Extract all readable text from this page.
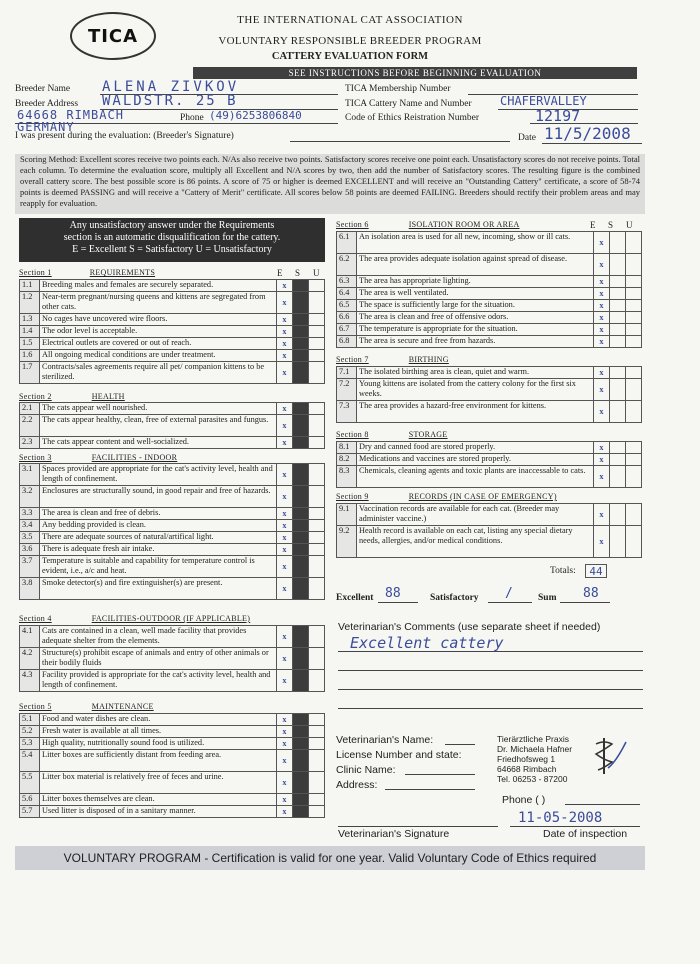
TICA
THE INTERNATIONAL CAT ASSOCIATION
VOLUNTARY RESPONSIBLE BREEDER PROGRAM
CATTERY EVALUATION FORM
SEE INSTRUCTIONS BEFORE BEGINNING EVALUATION
Breeder Name ALENA ZIVKOV
Breeder Address WALDSTR. 25 B
64668 RIMBACH	Phone (49)6253806840
GERMANY
TICA Membership Number
TICA Cattery Name and Number CHAFERVALLEY
Code of Ethics Reistration Number	12197
I was present during the evaluation: (Breeder's Signature)	Date 11/5/2008
Scoring Method: Excellent scores receive two points each. N/As also receive two points. Satisfactory scores receive one point each. Unsatisfactory scores do not receive points. Total each column. To determine the evaluation score, multiply all Excellent and N/A scores by two, then add the number of Satisfactory scores. The resulting figure is the combined overall cattery score. The best possible score is 86 points. A score of 75 or higher is deemed EXCELLENT and will receive an "Outstanding Cattery" certificate, a score of 58-74 points is deemed PASSING and will receive a "Cattery of Merit" certificate. All scores below 58 points are deemed FAILING. Breeders should rectify their problem areas and may reapply for evaluation.
Any unsatisfactory answer under the Requirements
section is an automatic disqualification for the cattery.
E = Excellent S = Satisfactory U = Unsatisfactory
Section 1	REQUIREMENTS	E S U
1.1	Breeding males and females are securely separated.	x		
1.2	Near-term pregnant/nursing queens and kittens are segregated from other cats.	x		
1.3	No cages have uncovered wire floors.	x		
1.4	The odor level is acceptable.	x		
1.5	Electrical outlets are covered or out of reach.	x		
1.6	All ongoing medical conditions are under treatment.	x		
1.7	Contracts/sales agreements require all pet/ companion kittens to be sterilized.	x		
Section 2	HEALTH
2.1	The cats appear well nourished.	x		
2.2	The cats appear healthy, clean, free of external parasites and fungus.	x		
2.3	The cats appear content and well-socialized.	x		
Section 3	FACILITIES - INDOOR
3.1	Spaces provided are appropriate for the cat's activity level, health and length of confinement.	x		
3.2	Enclosures are structurally sound, in good repair and free of hazards.	x		
3.3	The area is clean and free of debris.	x		
3.4	Any bedding provided is clean.	x		
3.5	There are adequate sources of natural/artifical light.	x		
3.6	There is adequate fresh air intake.	x		
3.7	Temperature is suitable and capability for temperature control is evident, i.e., a/c and heat.	x		
3.8	Smoke detector(s) and fire extinguisher(s) are present.	x		
Section 4	FACILITIES-OUTDOOR (IF APPLICABLE)
4.1	Cats are contained in a clean, well made facility that provides adequate shelter from the elements.	x		
4.2	Structure(s) prohibit escape of animals and entry of other animals or their bodily fluids	x		
4.3	Facility provided is appropriate for the cat's activity level, health and length of confinement.	x		
Section 5	MAINTENANCE
5.1	Food and water dishes are clean.	x		
5.2	Fresh water is available at all times.	x		
5.3	High quality, nutritionally sound food is utilized.	x		
5.4	Litter boxes are sufficiently distant from feeding area.	x		
5.5	Litter box material is relatively free of feces and urine.	x		
5.6	Litter boxes themselves are clean.	x		
5.7	Used litter is disposed of in a sanitary manner.	x		
Section 6	ISOLATION ROOM OR AREA	E S U
6.1	An isolation area is used for all new, incoming, show or ill cats.	x		
6.2	The area provides adequate isolation against spread of disease.	x		
6.3	The area has appropriate lighting.	x		
6.4	The area is well ventilated.	x		
6.5	The space is sufficiently large for the situation.	x		
6.6	The area is clean and free of offensive odors.	x		
6.7	The temperature is appropriate for the situation.	x		
6.8	The area is secure and free from hazards.	x		
Section 7	BIRTHING
7.1	The isolated birthing area is clean, quiet and warm.	x		
7.2	Young kittens are isolated from the cattery colony for the first six weeks.	x		
7.3	The area provides a hazard-free environment for kittens.	x		
Section 8	STORAGE
8.1	Dry and canned food are stored properly.	x		
8.2	Medications and vaccines are stored properly.	x		
8.3	Chemicals, cleaning agents and toxic plants are inaccessable to cats.	x		
Section 9	RECORDS (IN CASE OF EMERGENCY)
9.1	Vaccination records are available for each cat. (Breeder may administer vaccine.)	x		
9.2	Health record is available on each cat, listing any special dietary needs, allergies, and/or medical conditions.	x		
Totals:	44
Excellent 88	Satisfactory /	Sum 88
Veterinarian's Comments (use separate sheet if needed)
Excellent cattery
Veterinarian's Name:
License Number and state:
Clinic Name:
Address:
Tierärztliche Praxis
Dr. Michaela Hafner
Friedhofsweg 1
64668 Rimbach
Tel. 06253 - 87200
Phone ( )
11-05-2008
Veterinarian's Signature	Date of inspection
VOLUNTARY PROGRAM - Certification is valid for one year. Valid Voluntary Code of Ethics required
